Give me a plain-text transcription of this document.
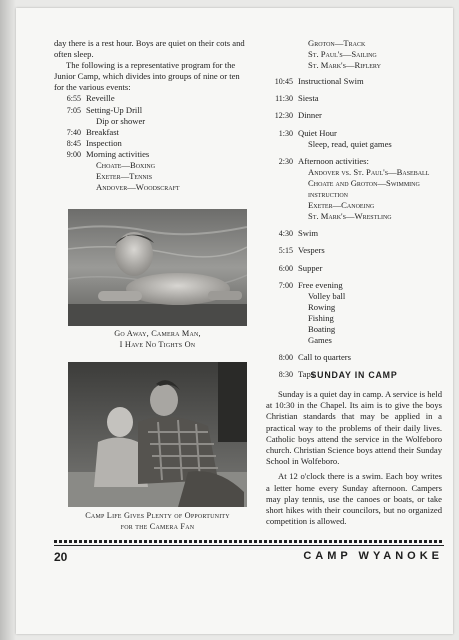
day there is a rest hour. Boys are quiet on their cots and often sleep.

The following is a representative program for the Junior Camp, which divides into groups of nine or ten for the various events:

6:55 Reveille
7:05 Setting-Up Drill
Dip or shower
7:40 Breakfast
8:45 Inspection
9:00 Morning activities
Choate—Boxing
Exeter—Tennis
Andover—Woodscraft
Go Away, Camera Man,
I Have No Tights On
Camp Life Gives Plenty of Opportunity
for the Camera Fan
Groton—Track
St. Paul's—Sailing
St. Mark's—Riflery
10:45 Instructional Swim
11:30 Siesta
12:30 Dinner
1:30 Quiet Hour
Sleep, read, quiet games
2:30 Afternoon activities:
Andover vs. St. Paul's—Baseball
Choate and Groton—Swimming instruction
Exeter—Canoeing
St. Mark's—Wrestling
4:30 Swim
5:15 Vespers
6:00 Supper
7:00 Free evening
Volley ball
Rowing
Fishing
Boating
Games
8:00 Call to quarters
8:30 Taps
SUNDAY IN CAMP

Sunday is a quiet day in camp. A service is held at 10:30 in the Chapel. Its aim is to give the boys Christian standards that may be applied in a practical way to the problems of their daily lives. Catholic boys attend the service in the Wolfeboro church. Christian Science boys attend their Sunday School in Wolfeboro.

At 12 o'clock there is a swim. Each boy writes a letter home every Sunday afternoon. Campers may play tennis, use the canoes or boats, or take short hikes with their councilors, but no organized competition is allowed.

20	CAMP WYANOKE
